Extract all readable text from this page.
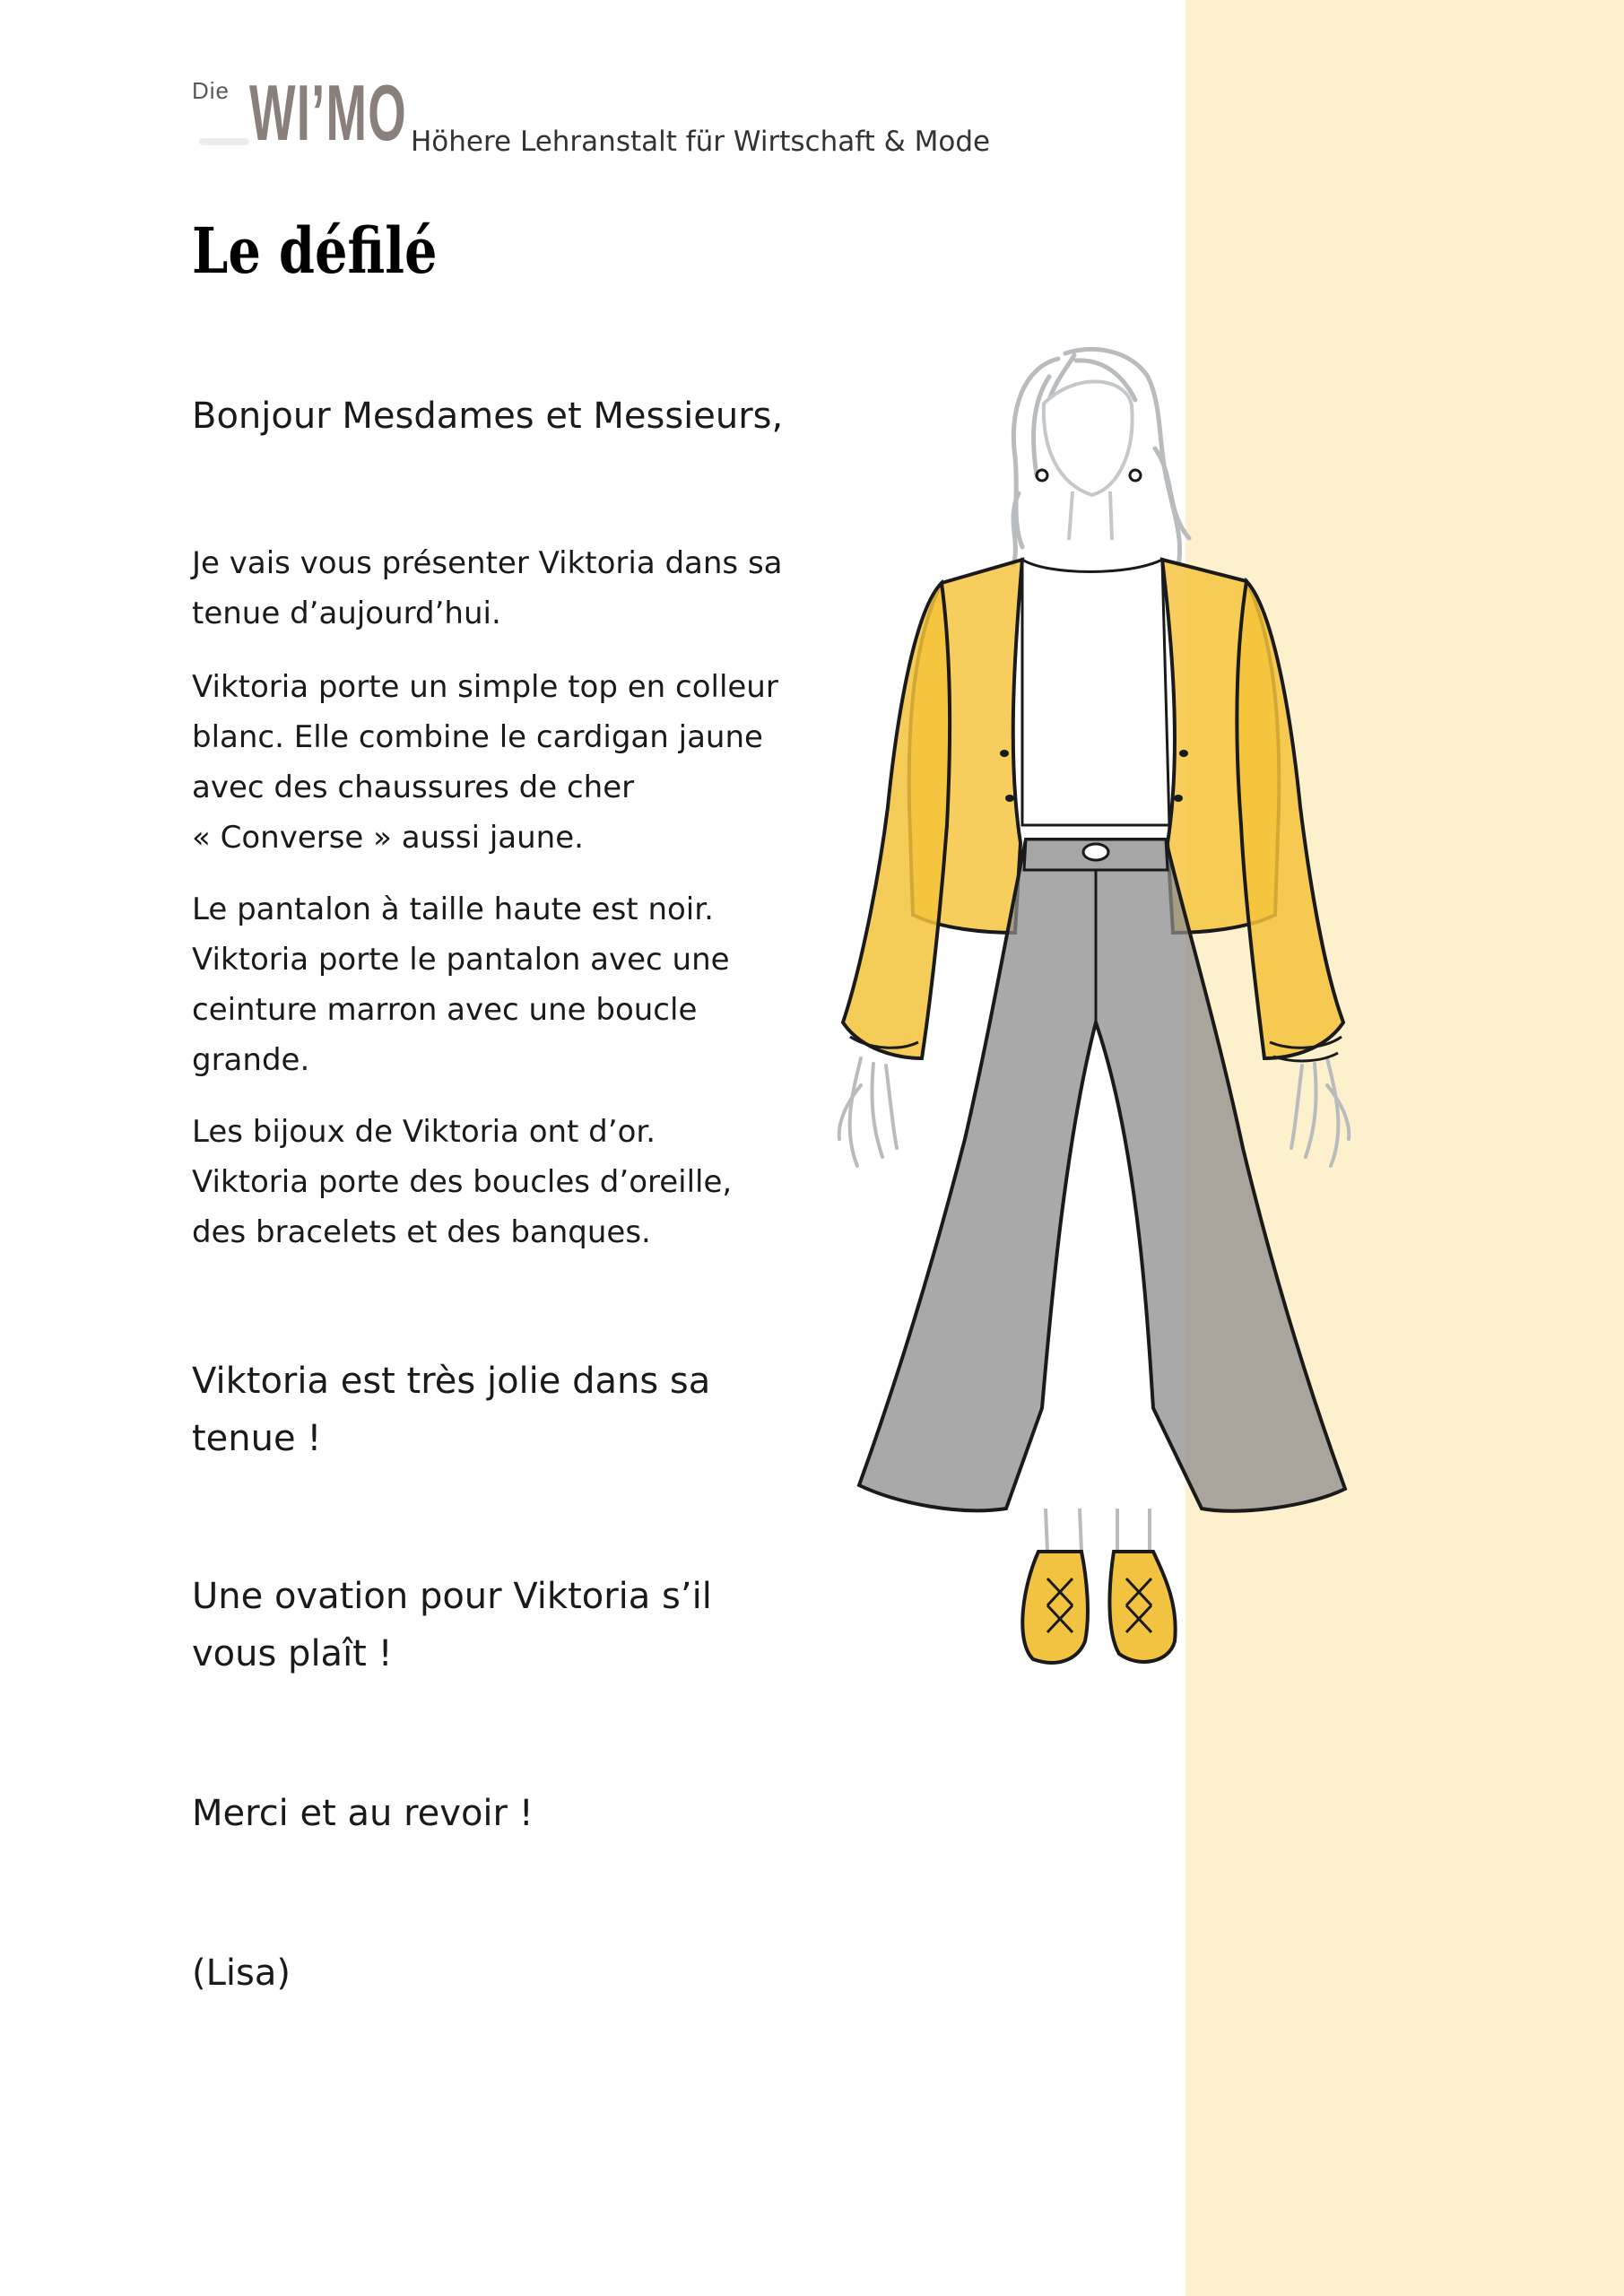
Die WI’MO Höhere Lehranstalt für Wirtschaft & Mode
Le défilé
Bonjour Mesdames et Messieurs,
Je vais vous présenter Viktoria dans sa
tenue d’aujourd’hui.
Viktoria porte un simple top en colleur
blanc. Elle combine le cardigan jaune
avec des chaussures de cher
« Converse » aussi jaune.
Le pantalon à taille haute est noir.
Viktoria porte le pantalon avec une
ceinture marron avec une boucle
grande.
Les bijoux de Viktoria ont d’or.
Viktoria porte des boucles d’oreille,
des bracelets et des banques.
Viktoria est très jolie dans sa
tenue !
Une ovation pour Viktoria s’il
vous plaît !
Merci et au revoir !
(Lisa)
